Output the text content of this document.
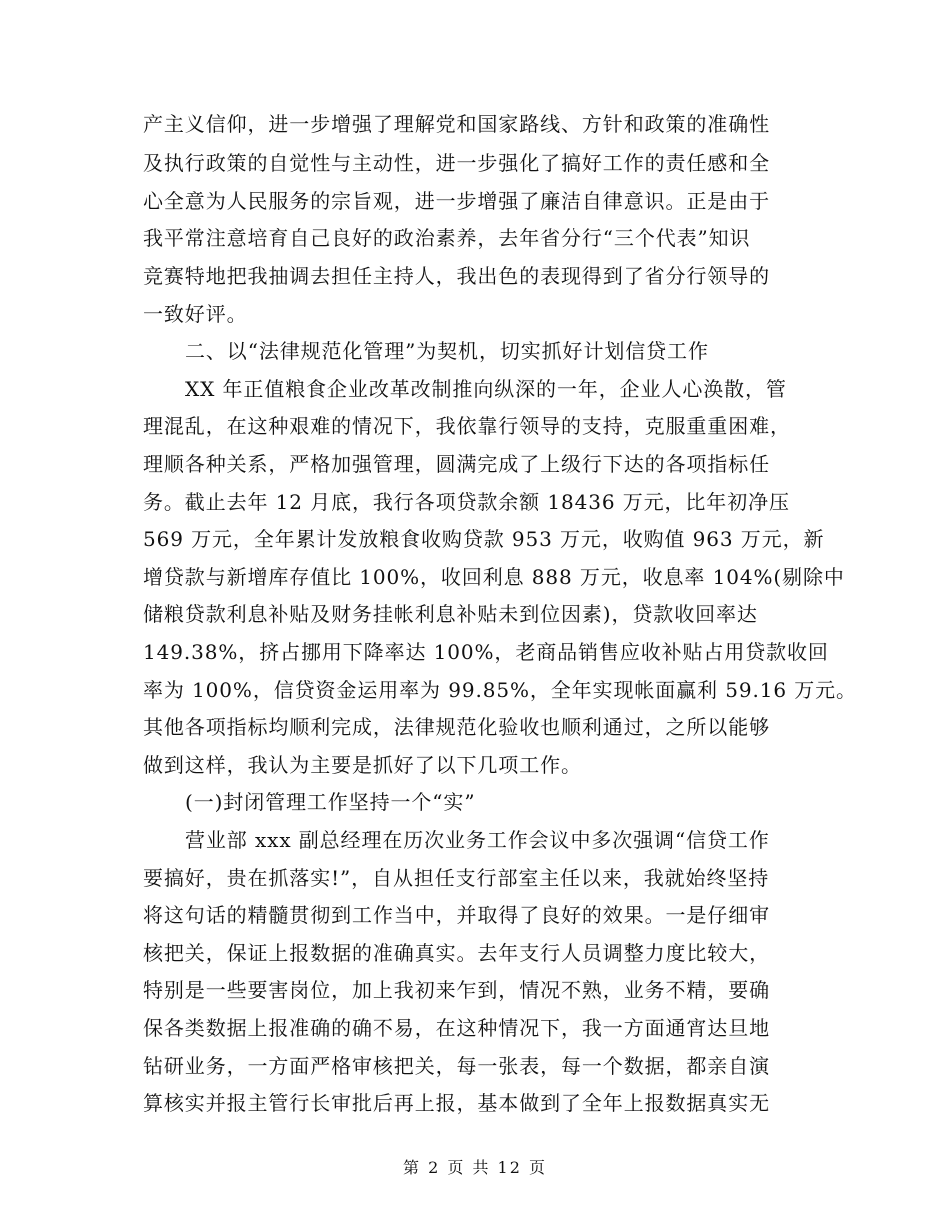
产主义信仰，进一步增强了理解党和国家路线、方针和政策的准确性
及执行政策的自觉性与主动性，进一步强化了搞好工作的责任感和全
心全意为人民服务的宗旨观，进一步增强了廉洁自律意识。正是由于
我平常注意培育自己良好的政治素养，去年省分行“三个代表”知识
竞赛特地把我抽调去担任主持人，我出色的表现得到了省分行领导的
一致好评。
二、以“法律规范化管理”为契机，切实抓好计划信贷工作
XX 年正值粮食企业改革改制推向纵深的一年，企业人心涣散，管
理混乱，在这种艰难的情况下，我依靠行领导的支持，克服重重困难，
理顺各种关系，严格加强管理，圆满完成了上级行下达的各项指标任
务。截止去年 12 月底，我行各项贷款余额 18436 万元，比年初净压
569 万元，全年累计发放粮食收购贷款 953 万元，收购值 963 万元，新
增贷款与新增库存值比 100%，收回利息 888 万元，收息率 104%(剔除中
储粮贷款利息补贴及财务挂帐利息补贴未到位因素)，贷款收回率达
149.38%，挤占挪用下降率达 100%，老商品销售应收补贴占用贷款收回
率为 100%，信贷资金运用率为 99.85%，全年实现帐面赢利 59.16 万元。
其他各项指标均顺利完成，法律规范化验收也顺利通过，之所以能够
做到这样，我认为主要是抓好了以下几项工作。
(一)封闭管理工作坚持一个“实”
营业部 xxx 副总经理在历次业务工作会议中多次强调“信贷工作
要搞好，贵在抓落实!”，自从担任支行部室主任以来，我就始终坚持
将这句话的精髓贯彻到工作当中，并取得了良好的效果。一是仔细审
核把关，保证上报数据的准确真实。去年支行人员调整力度比较大，
特别是一些要害岗位，加上我初来乍到，情况不熟，业务不精，要确
保各类数据上报准确的确不易，在这种情况下，我一方面通宵达旦地
钻研业务，一方面严格审核把关，每一张表，每一个数据，都亲自演
算核实并报主管行长审批后再上报，基本做到了全年上报数据真实无
第 2 页 共 12 页
